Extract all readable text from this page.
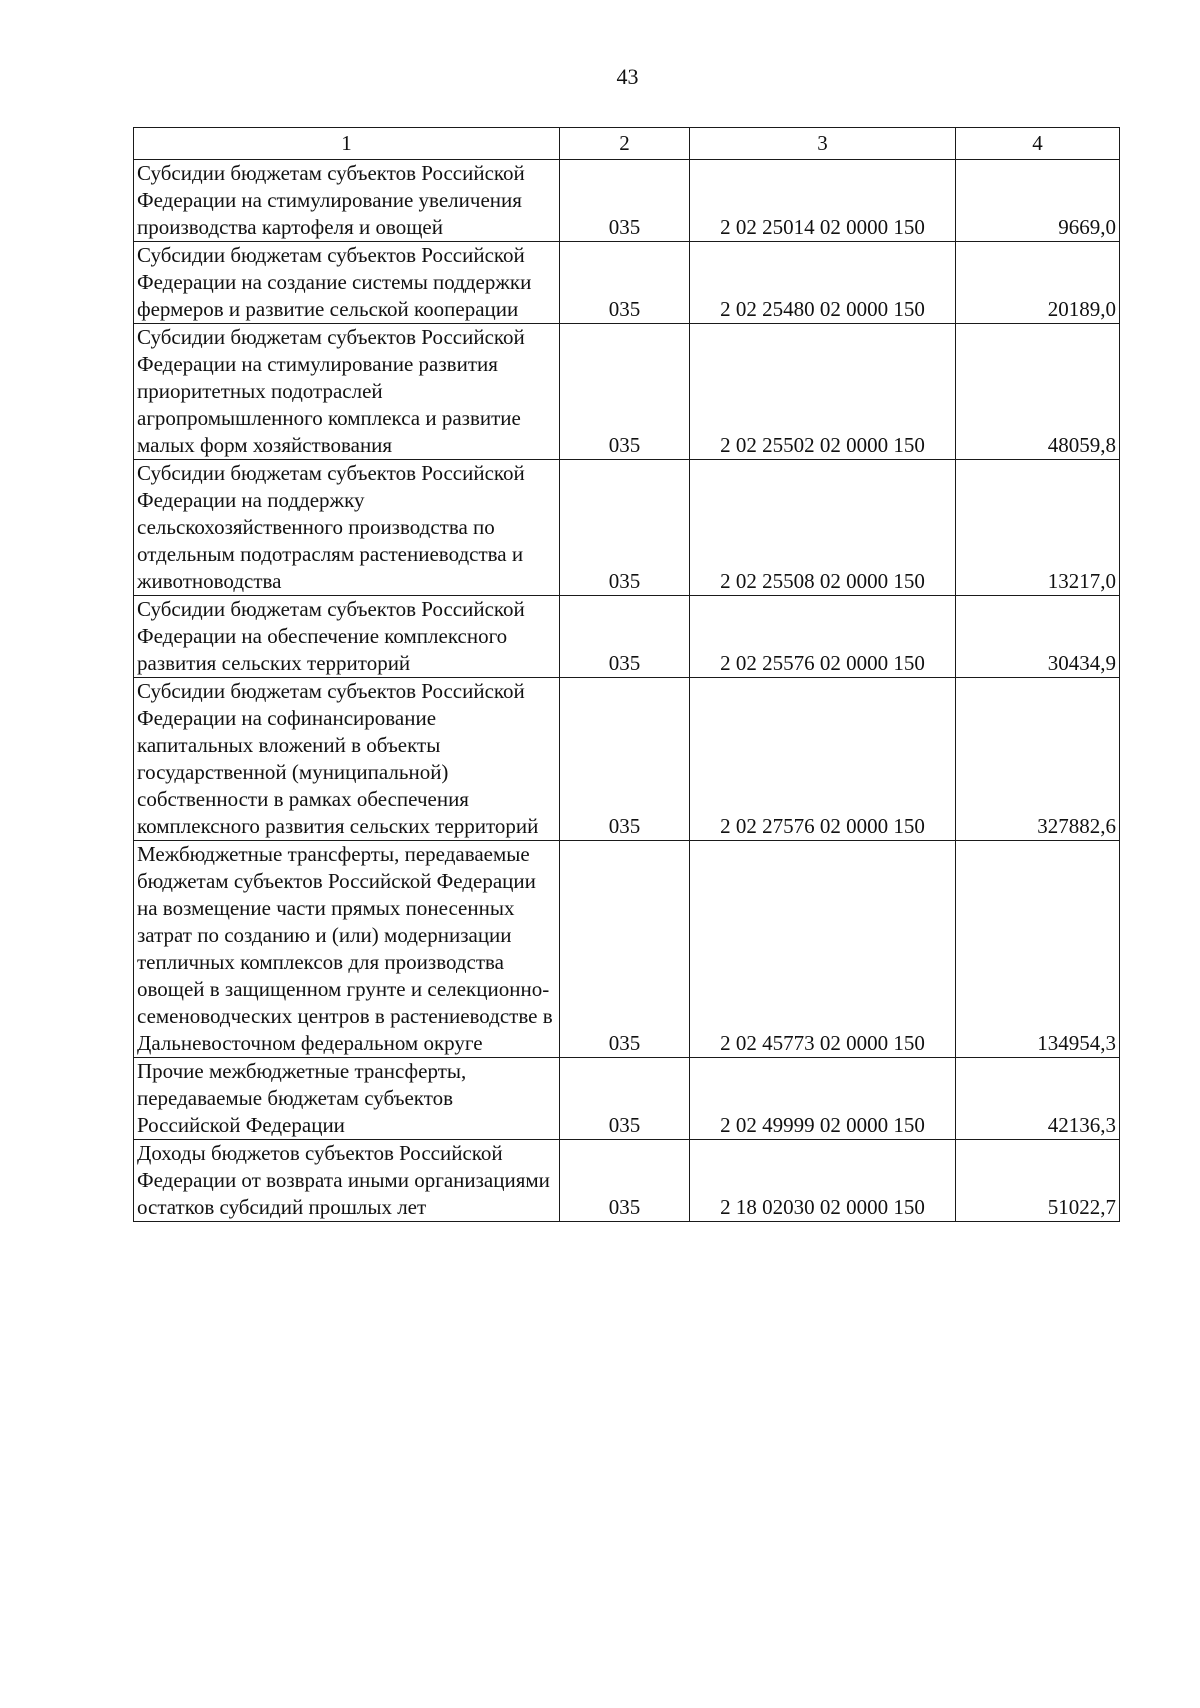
43
1	2	3	4
Субсидии бюджетам субъектов Российской Федерации на стимулирование увеличения производства картофеля и овощей	035	2 02 25014 02 0000 150	9669,0
Субсидии бюджетам субъектов Российской Федерации на создание системы поддержки фермеров и развитие сельской кооперации	035	2 02 25480 02 0000 150	20189,0
Субсидии бюджетам субъектов Российской Федерации на стимулирование развития приоритетных подотраслей агропромышленного комплекса и развитие малых форм хозяйствования	035	2 02 25502 02 0000 150	48059,8
Субсидии бюджетам субъектов Российской Федерации на поддержку сельскохозяйственного производства по отдельным подотраслям растениеводства и животноводства	035	2 02 25508 02 0000 150	13217,0
Субсидии бюджетам субъектов Российской Федерации на обеспечение комплексного развития сельских территорий	035	2 02 25576 02 0000 150	30434,9
Субсидии бюджетам субъектов Российской Федерации на софинансирование капитальных вложений в объекты государственной (муниципальной) собственности в рамках обеспечения комплексного развития сельских территорий	035	2 02 27576 02 0000 150	327882,6
Межбюджетные трансферты, передаваемые бюджетам субъектов Российской Федерации на возмещение части прямых понесенных затрат по созданию и (или) модернизации тепличных комплексов для производства овощей в защищенном грунте и селекционно-семеноводческих центров в растениеводстве в Дальневосточном федеральном округе	035	2 02 45773 02 0000 150	134954,3
Прочие межбюджетные трансферты, передаваемые бюджетам субъектов Российской Федерации	035	2 02 49999 02 0000 150	42136,3
Доходы бюджетов субъектов Российской Федерации от возврата иными организациями остатков субсидий прошлых лет	035	2 18 02030 02 0000 150	51022,7
